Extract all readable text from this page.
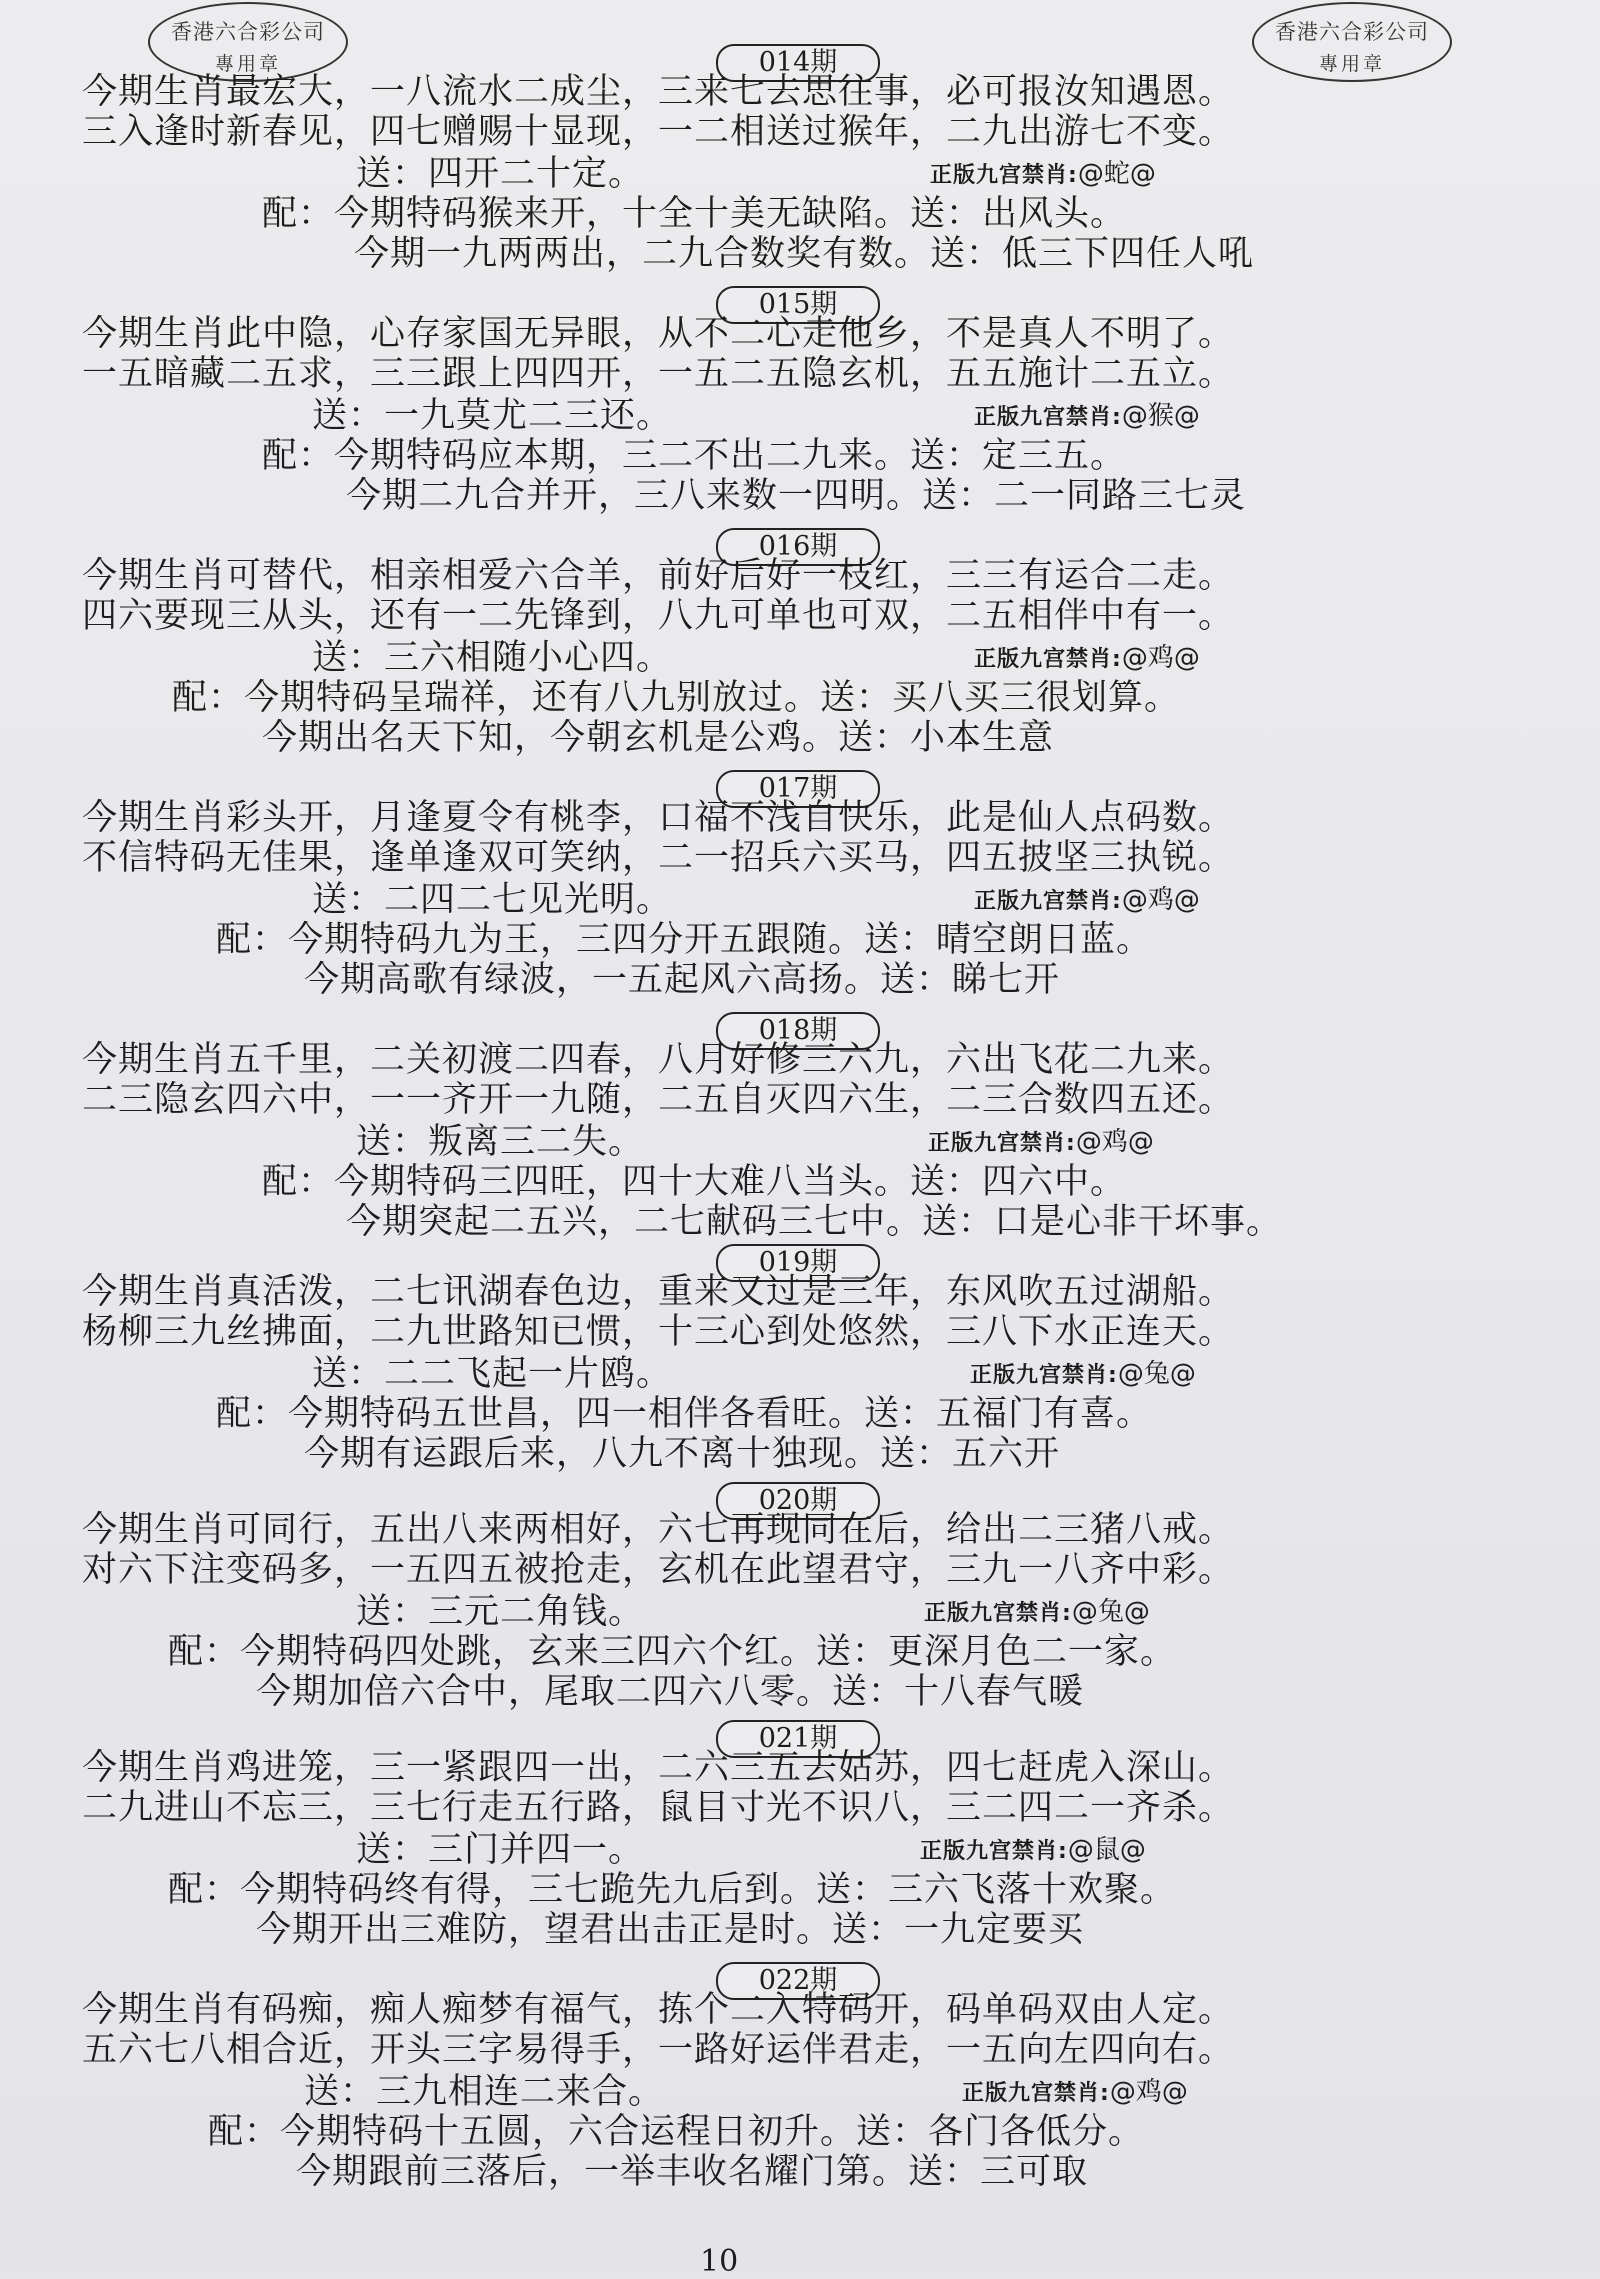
香港六合彩公司
專用章
香港六合彩公司
專用章
014期
今期生肖最宏大，一八流水二成尘，三来七去思往事，必可报汝知遇恩。
三入逢时新春见，四七赠赐十显现，一二相送过猴年，二九出游七不变。
送：四开二十定。	正版九宫禁肖:@蛇@
配：今期特码猴来开，十全十美无缺陷。送：出风头。
今期一九两两出，二九合数奖有数。送：低三下四任人吼
015期
今期生肖此中隐，心存家国无异眼，从不二心走他乡，不是真人不明了。
一五暗藏二五求，三三跟上四四开，一五二五隐玄机，五五施计二五立。
送：一九莫尤二三还。	正版九宫禁肖:@猴@
配：今期特码应本期，三二不出二九来。送：定三五。
今期二九合并开，三八来数一四明。送：二一同路三七灵
016期
今期生肖可替代，相亲相爱六合羊，前好后好一枝红，三三有运合二走。
四六要现三从头，还有一二先锋到，八九可单也可双，二五相伴中有一。
送：三六相随小心四。	正版九宫禁肖:@鸡@
配：今期特码呈瑞祥，还有八九别放过。送：买八买三很划算。
今期出名天下知，今朝玄机是公鸡。送：小本生意
017期
今期生肖彩头开，月逢夏令有桃李，口福不浅自快乐，此是仙人点码数。
不信特码无佳果，逢单逢双可笑纳，二一招兵六买马，四五披坚三执锐。
送：二四二七见光明。	正版九宫禁肖:@鸡@
配：今期特码九为王，三四分开五跟随。送：晴空朗日蓝。
今期高歌有绿波，一五起风六高扬。送：睇七开
018期
今期生肖五千里，二关初渡二四春，八月好修三六九，六出飞花二九来。
二三隐玄四六中，一一齐开一九随，二五自灭四六生，二三合数四五还。
送：叛离三二失。	正版九宫禁肖:@鸡@
配：今期特码三四旺，四十大难八当头。送：四六中。
今期突起二五兴，二七献码三七中。送：口是心非干坏事。
019期
今期生肖真活泼，二七讯湖春色边，重来又过是三年，东风吹五过湖船。
杨柳三九丝拂面，二九世路知已惯，十三心到处悠然，三八下水正连天。
送：二二飞起一片鸥。	正版九宫禁肖:@兔@
配：今期特码五世昌，四一相伴各看旺。送：五福门有喜。
今期有运跟后来，八九不离十独现。送：五六开
020期
今期生肖可同行，五出八来两相好，六七再现同在后，给出二三猪八戒。
对六下注变码多，一五四五被抢走，玄机在此望君守，三九一八齐中彩。
送：三元二角钱。	正版九宫禁肖:@兔@
配：今期特码四处跳，玄来三四六个红。送：更深月色二一家。
今期加倍六合中，尾取二四六八零。送：十八春气暖
021期
今期生肖鸡进笼，三一紧跟四一出，二六三五去姑苏，四七赶虎入深山。
二九进山不忘三，三七行走五行路，鼠目寸光不识八，三二四二一齐杀。
送：三门并四一。	正版九宫禁肖:@鼠@
配：今期特码终有得，三七跪先九后到。送：三六飞落十欢聚。
今期开出三难防，望君出击正是时。送：一九定要买
022期
今期生肖有码痴，痴人痴梦有福气，拣个二入特码开，码单码双由人定。
五六七八相合近，开头三字易得手，一路好运伴君走，一五向左四向右。
送：三九相连二来合。	正版九宫禁肖:@鸡@
配：今期特码十五圆，六合运程日初升。送：各门各低分。
今期跟前三落后，一举丰收名耀门第。送：三可取
10
